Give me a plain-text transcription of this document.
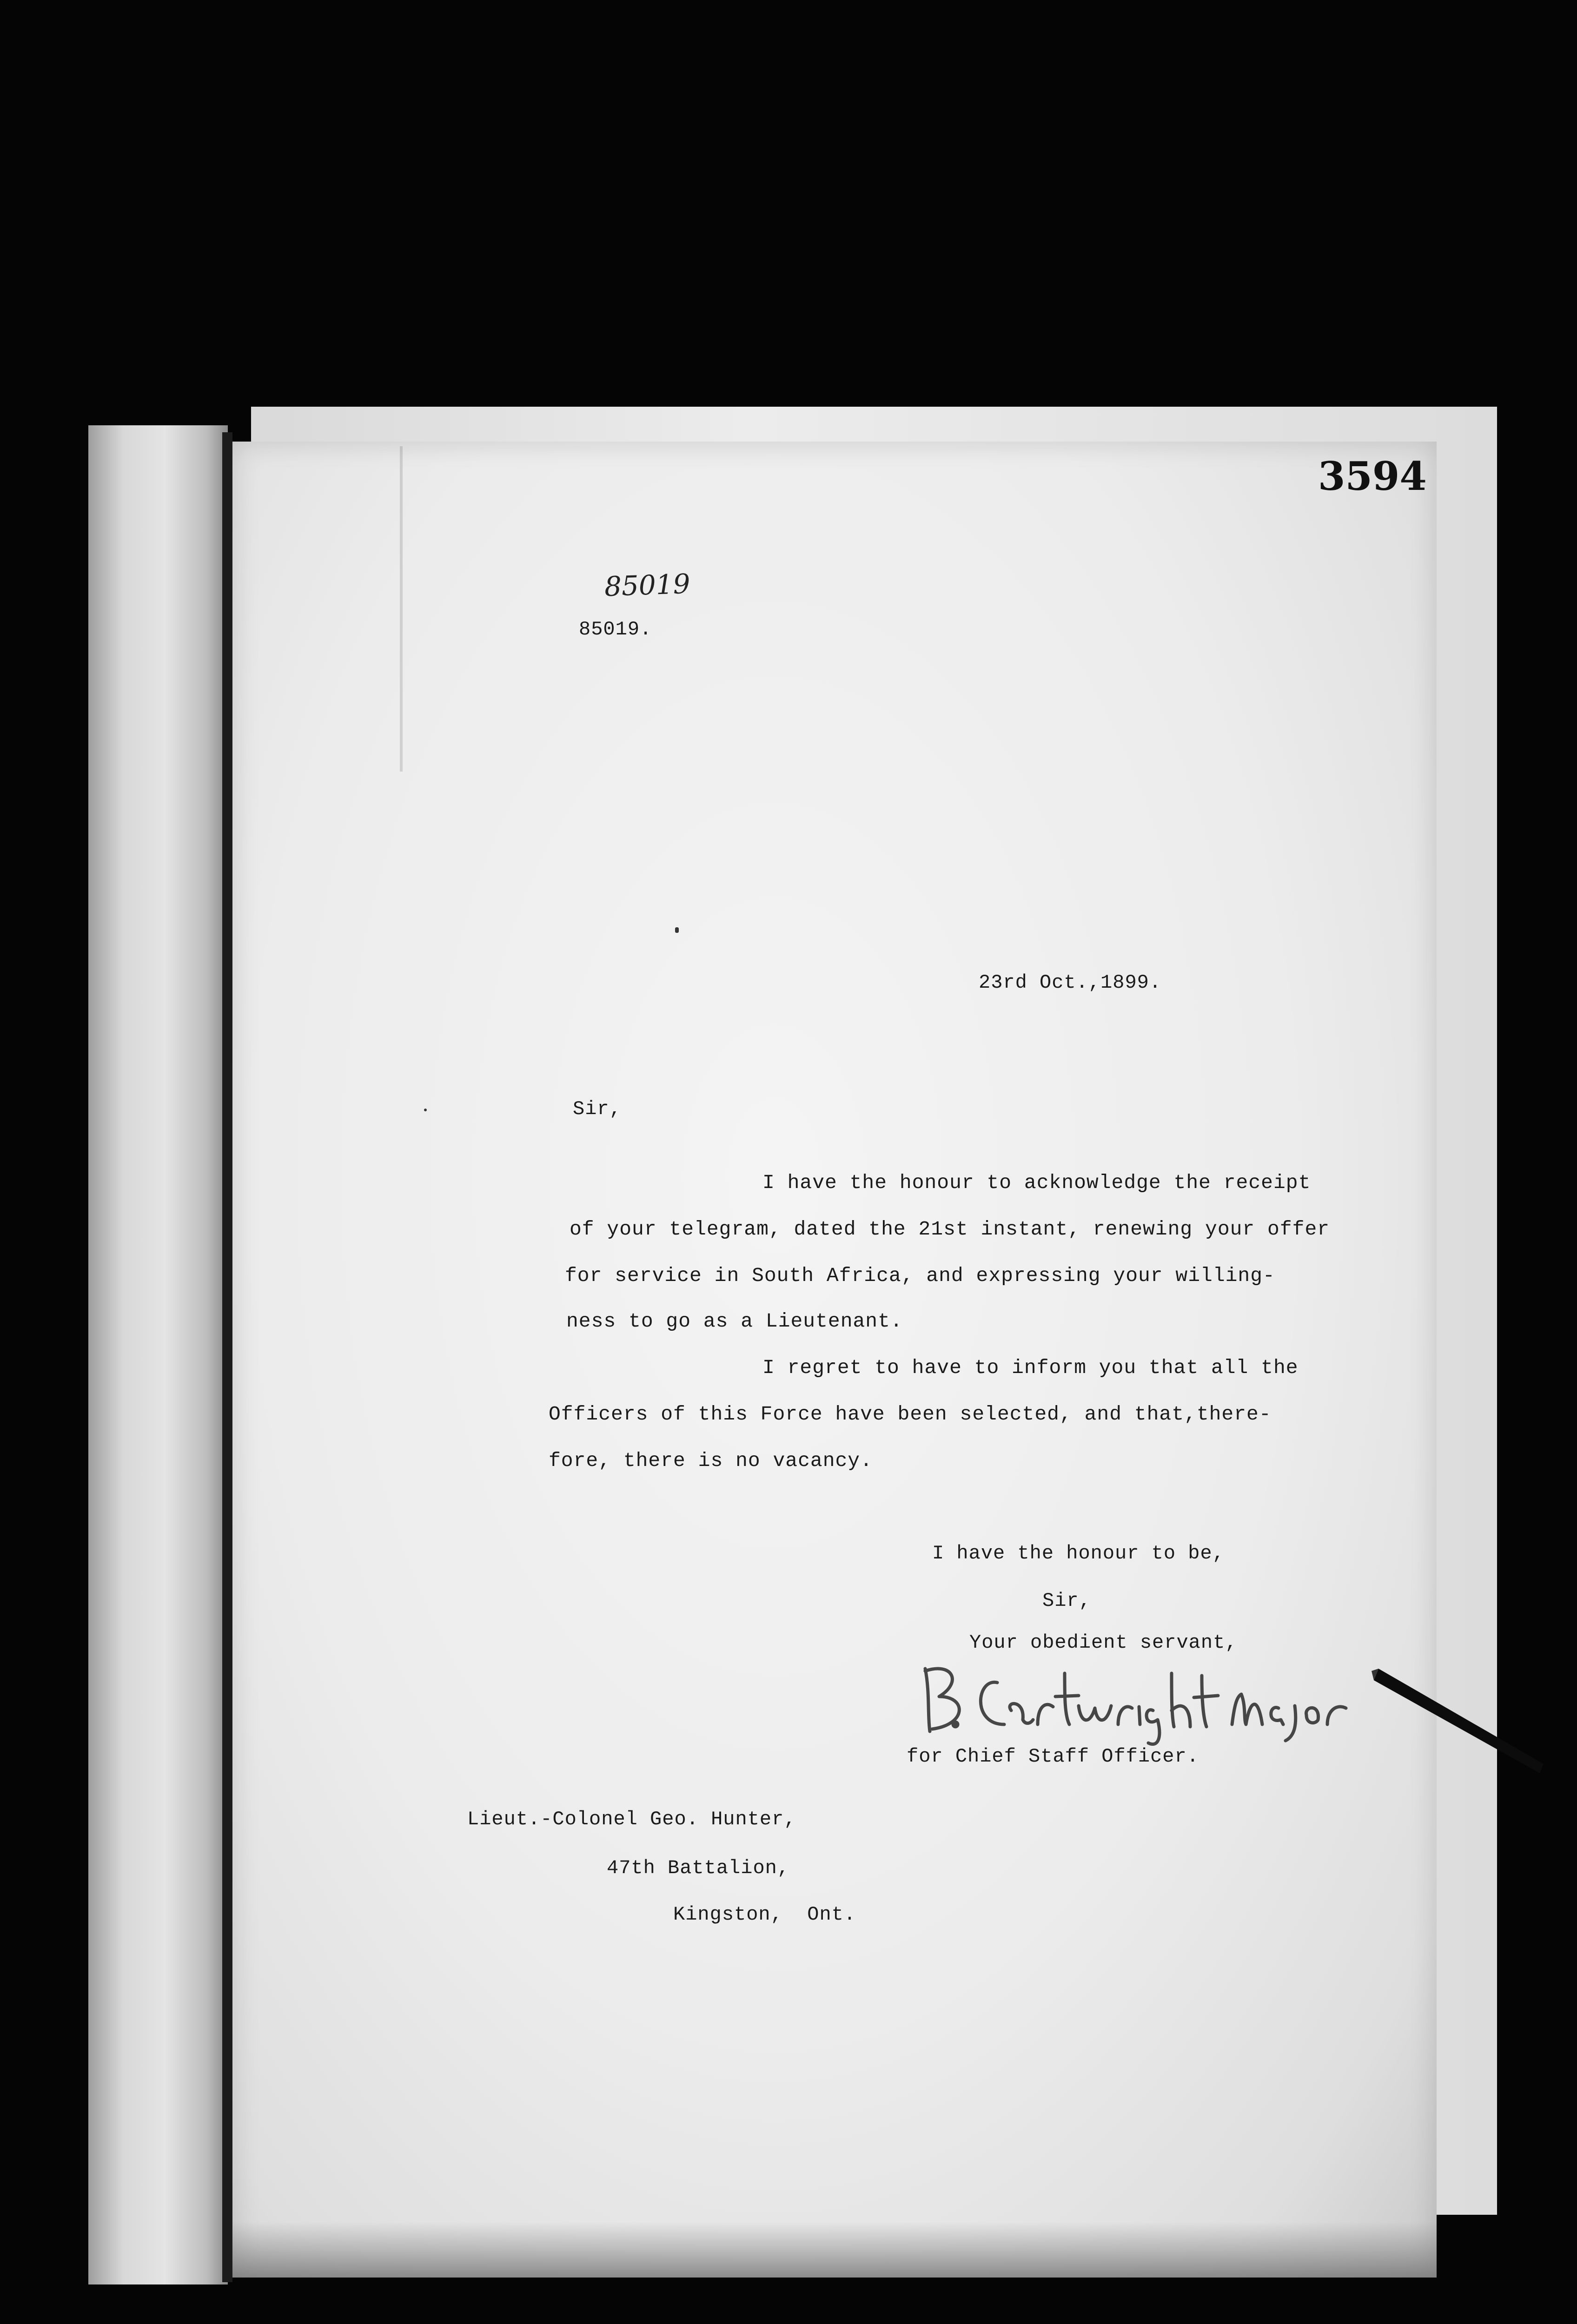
3594
85019
85019.
23rd Oct.,1899.
Sir,
I have the honour to acknowledge the receipt
of your telegram, dated the 21st instant, renewing your offer
for service in South Africa, and expressing your willing-
ness to go as a Lieutenant.
I regret to have to inform you that all the
Officers of this Force have been selected, and that,there-
fore, there is no vacancy.
I have the honour to be,
Sir,
Your obedient servant,
for Chief Staff Officer.
Lieut.-Colonel Geo. Hunter,
47th Battalion,
Kingston,  Ont.
